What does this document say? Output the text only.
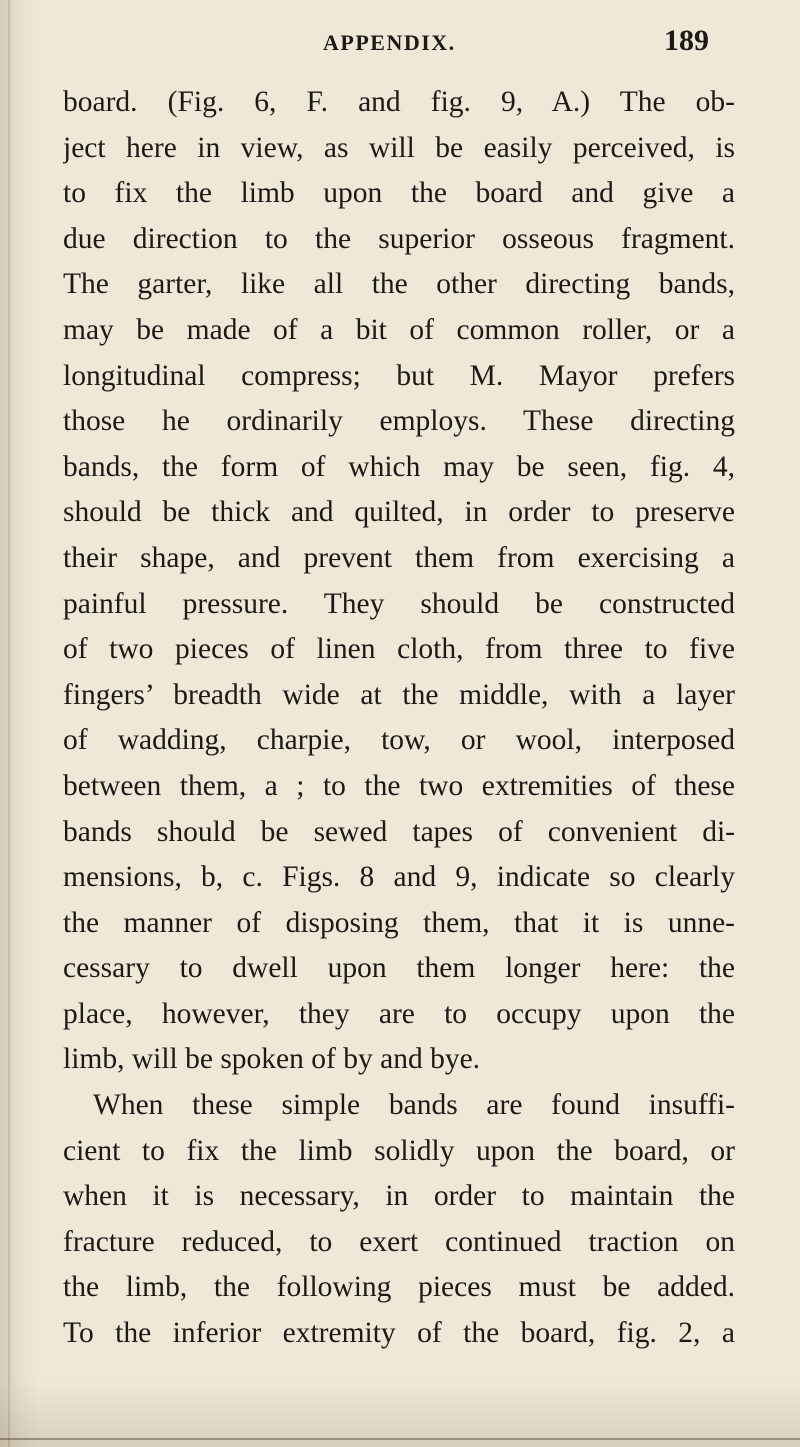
APPENDIX.	189
board. (Fig. 6, F. and fig. 9, A.) The ob-
ject here in view, as will be easily perceived, is
to fix the limb upon the board and give a
due direction to the superior osseous fragment.
The garter, like all the other directing bands,
may be made of a bit of common roller, or a
longitudinal compress; but M. Mayor prefers
those he ordinarily employs. These directing
bands, the form of which may be seen, fig. 4,
should be thick and quilted, in order to preserve
their shape, and prevent them from exercising a
painful pressure. They should be constructed
of two pieces of linen cloth, from three to five
fingers’ breadth wide at the middle, with a layer
of wadding, charpie, tow, or wool, interposed
between them, a ; to the two extremities of these
bands should be sewed tapes of convenient di-
mensions, b, c. Figs. 8 and 9, indicate so clearly
the manner of disposing them, that it is unne-
cessary to dwell upon them longer here: the
place, however, they are to occupy upon the
limb, will be spoken of by and bye.
When these simple bands are found insuffi-
cient to fix the limb solidly upon the board, or
when it is necessary, in order to maintain the
fracture reduced, to exert continued traction on
the limb, the following pieces must be added.
To the inferior extremity of the board, fig. 2, a
